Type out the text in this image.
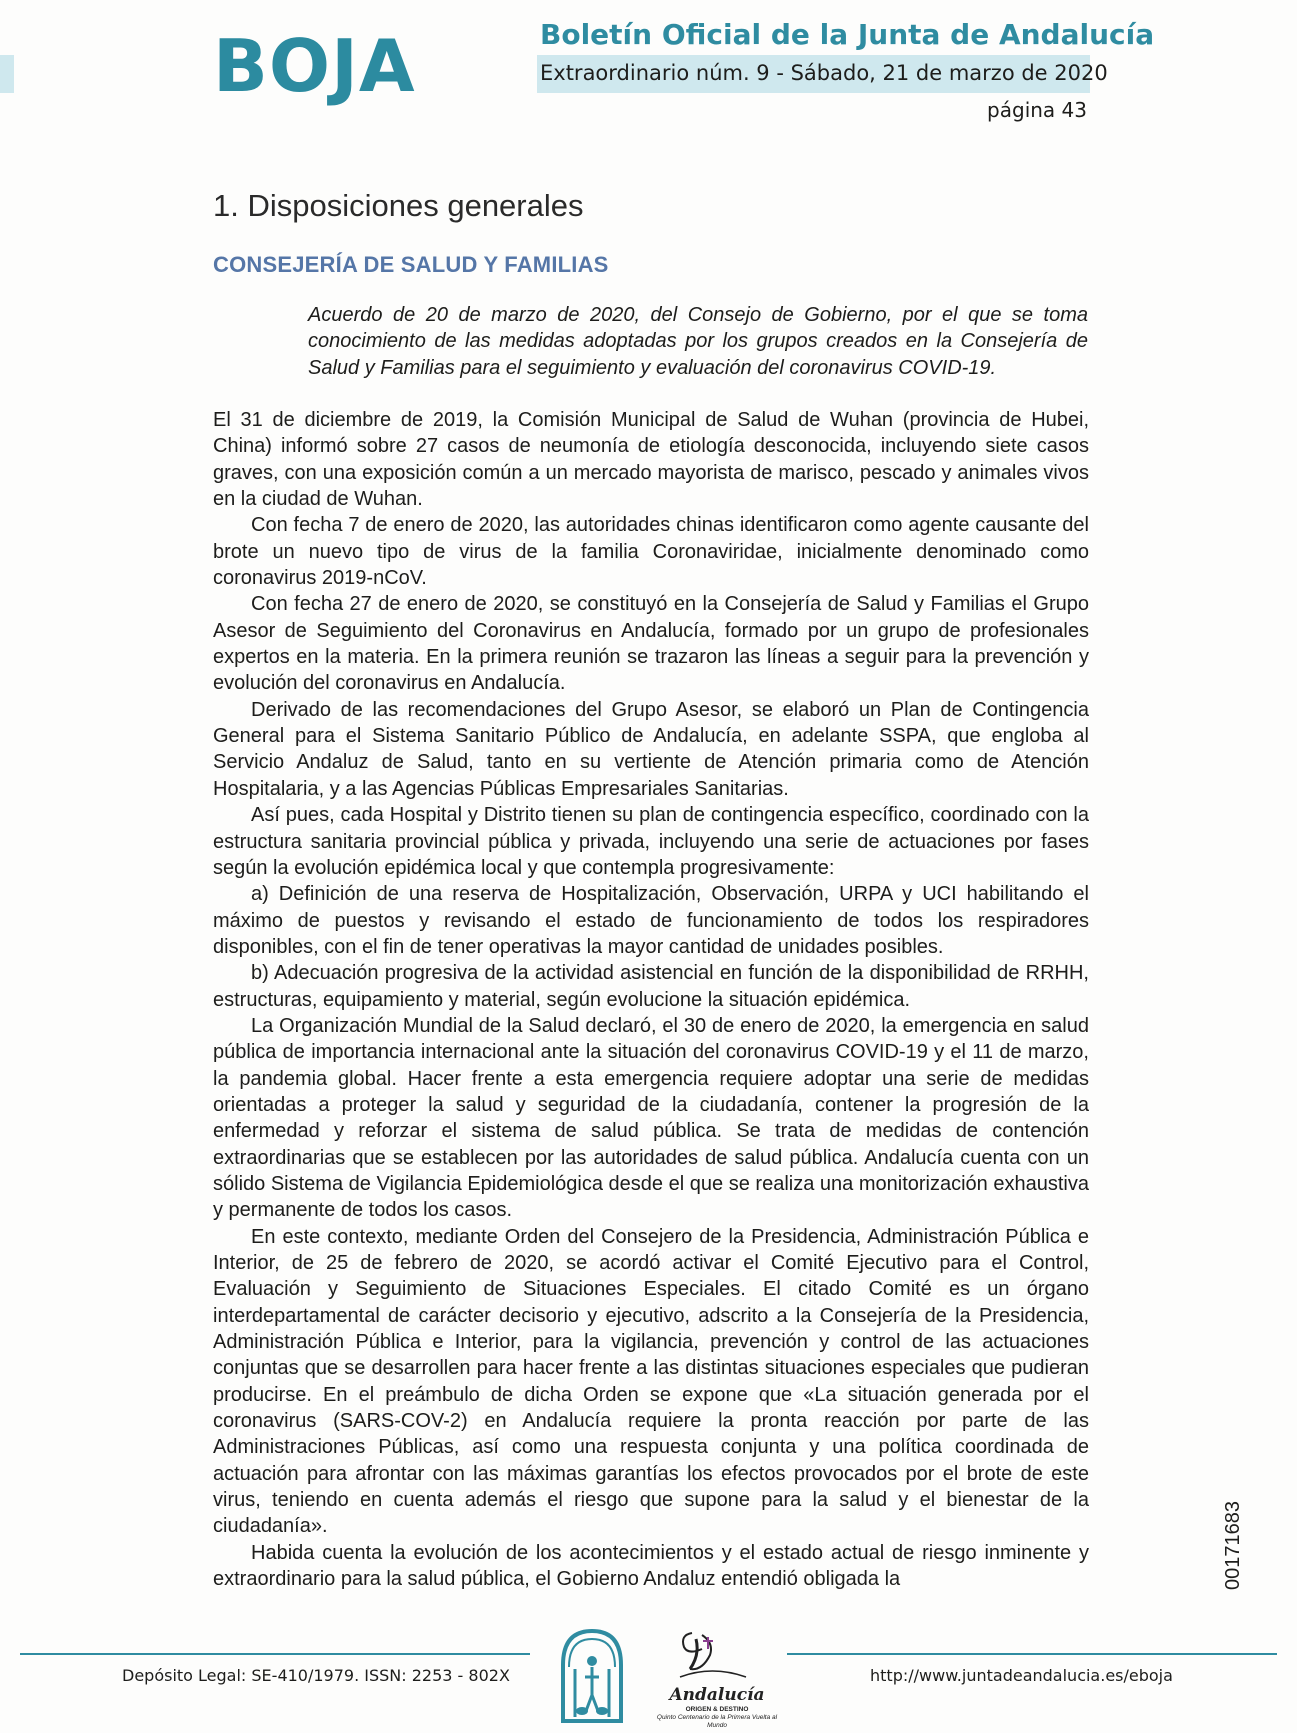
BOJA	Boletín Oficial de la Junta de Andalucía
Extraordinario núm. 9 - Sábado, 21 de marzo de 2020
página 43
1. Disposiciones generales
CONSEJERÍA DE SALUD Y FAMILIAS

Acuerdo de 20 de marzo de 2020, del Consejo de Gobierno, por el que se toma conocimiento de las medidas adoptadas por los grupos creados en la Consejería de Salud y Familias para el seguimiento y evaluación del coronavirus COVID-19.

El 31 de diciembre de 2019, la Comisión Municipal de Salud de Wuhan (provincia de Hubei, China) informó sobre 27 casos de neumonía de etiología desconocida, incluyendo siete casos graves, con una exposición común a un mercado mayorista de marisco, pescado y animales vivos en la ciudad de Wuhan.

Con fecha 7 de enero de 2020, las autoridades chinas identificaron como agente causante del brote un nuevo tipo de virus de la familia Coronaviridae, inicialmente denominado como coronavirus 2019-nCoV.

Con fecha 27 de enero de 2020, se constituyó en la Consejería de Salud y Familias el Grupo Asesor de Seguimiento del Coronavirus en Andalucía, formado por un grupo de profesionales expertos en la materia. En la primera reunión se trazaron las líneas a seguir para la prevención y evolución del coronavirus en Andalucía.

Derivado de las recomendaciones del Grupo Asesor, se elaboró un Plan de Contingencia General para el Sistema Sanitario Público de Andalucía, en adelante SSPA, que engloba al Servicio Andaluz de Salud, tanto en su vertiente de Atención primaria como de Atención Hospitalaria, y a las Agencias Públicas Empresariales Sanitarias.

Así pues, cada Hospital y Distrito tienen su plan de contingencia específico, coordinado con la estructura sanitaria provincial pública y privada, incluyendo una serie de actuaciones por fases según la evolución epidémica local y que contempla progresivamente:

a) Definición de una reserva de Hospitalización, Observación, URPA y UCI habilitando el máximo de puestos y revisando el estado de funcionamiento de todos los respiradores disponibles, con el fin de tener operativas la mayor cantidad de unidades posibles.

b) Adecuación progresiva de la actividad asistencial en función de la disponibilidad de RRHH, estructuras, equipamiento y material, según evolucione la situación epidémica.

La Organización Mundial de la Salud declaró, el 30 de enero de 2020, la emergencia en salud pública de importancia internacional ante la situación del coronavirus COVID-19 y el 11 de marzo, la pandemia global. Hacer frente a esta emergencia requiere adoptar una serie de medidas orientadas a proteger la salud y seguridad de la ciudadanía, contener la progresión de la enfermedad y reforzar el sistema de salud pública. Se trata de medidas de contención extraordinarias que se establecen por las autoridades de salud pública. Andalucía cuenta con un sólido Sistema de Vigilancia Epidemiológica desde el que se realiza una monitorización exhaustiva y permanente de todos los casos.

En este contexto, mediante Orden del Consejero de la Presidencia, Administración Pública e Interior, de 25 de febrero de 2020, se acordó activar el Comité Ejecutivo para el Control, Evaluación y Seguimiento de Situaciones Especiales. El citado Comité es un órgano interdepartamental de carácter decisorio y ejecutivo, adscrito a la Consejería de la Presidencia, Administración Pública e Interior, para la vigilancia, prevención y control de las actuaciones conjuntas que se desarrollen para hacer frente a las distintas situaciones especiales que pudieran producirse. En el preámbulo de dicha Orden se expone que «La situación generada por el coronavirus (SARS-COV-2) en Andalucía requiere la pronta reacción por parte de las Administraciones Públicas, así como una respuesta conjunta y una política coordinada de actuación para afrontar con las máximas garantías los efectos provocados por el brote de este virus, teniendo en cuenta además el riesgo que supone para la salud y el bienestar de la ciudadanía».

Habida cuenta la evolución de los acontecimientos y el estado actual de riesgo inminente y extraordinario para la salud pública, el Gobierno Andaluz entendió obligada la	00171683
Depósito Legal: SE-410/1979. ISSN: 2253 - 802X	http://www.juntadeandalucia.es/eboja
Andalucía
ORIGEN & DESTINO
Quinto Centenario de la Primera Vuelta al Mundo
